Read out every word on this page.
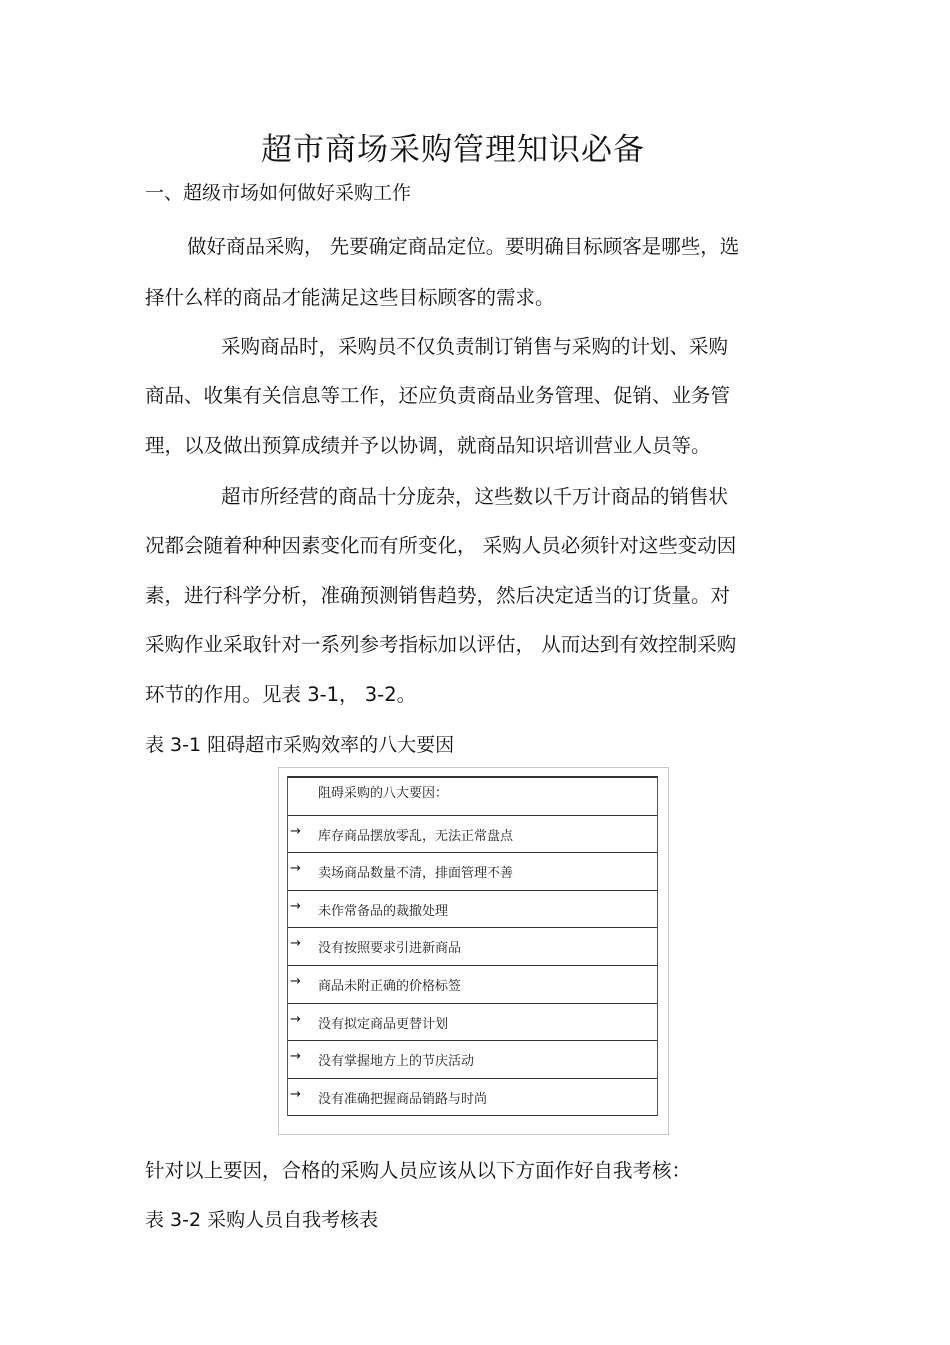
超市商场采购管理知识必备
一、超级市场如何做好采购工作
做好商品采购， 先要确定商品定位。要明确目标顾客是哪些，选
择什么样的商品才能满足这些目标顾客的需求。
采购商品时，采购员不仅负责制订销售与采购的计划、采购
商品、收集有关信息等工作，还应负责商品业务管理、促销、业务管
理，以及做出预算成绩并予以协调，就商品知识培训营业人员等。
超市所经营的商品十分庞杂，这些数以千万计商品的销售状
况都会随着种种因素变化而有所变化， 采购人员必须针对这些变动因
素，进行科学分析，准确预测销售趋势，然后决定适当的订货量。对
采购作业采取针对一系列参考指标加以评估， 从而达到有效控制采购
环节的作用。见表 3-1， 3-2。
表 3-1 阻碍超市采购效率的八大要因
阻碍采购的八大要因：
→ 库存商品摆放零乱，无法正常盘点
→ 卖场商品数量不清，排面管理不善
→ 未作常备品的裁撤处理
→ 没有按照要求引进新商品
→ 商品未附正确的价格标签
→ 没有拟定商品更替计划
→ 没有掌握地方上的节庆活动
→ 没有准确把握商品销路与时尚
针对以上要因，合格的采购人员应该从以下方面作好自我考核：
表 3-2 采购人员自我考核表
